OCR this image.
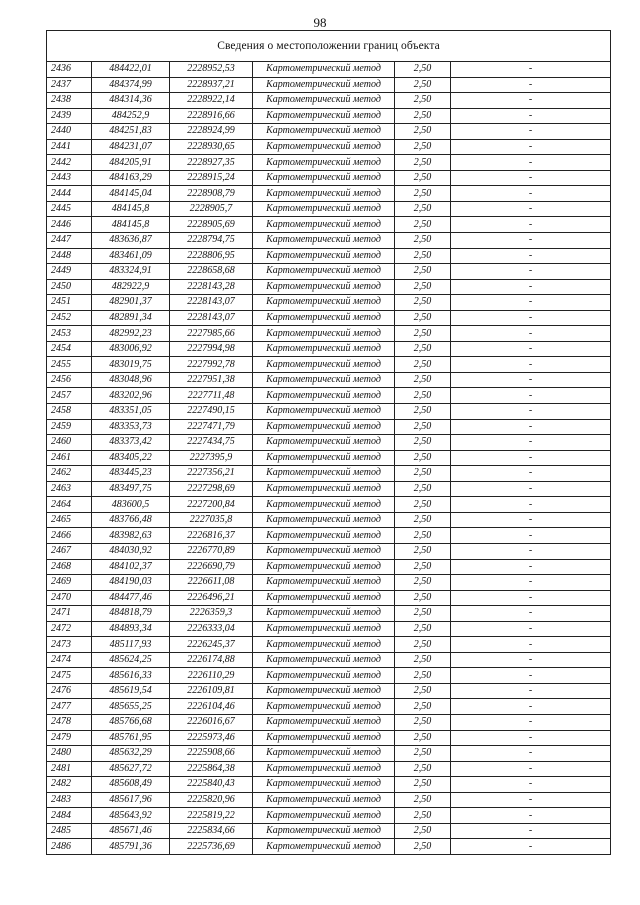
98
Сведения о местоположении границ объекта					
2436	484422,01	2228952,53	Картометрический метод	2,50	-
2437	484374,99	2228937,21	Картометрический метод	2,50	-
2438	484314,36	2228922,14	Картометрический метод	2,50	-
2439	484252,9	2228916,66	Картометрический метод	2,50	-
2440	484251,83	2228924,99	Картометрический метод	2,50	-
2441	484231,07	2228930,65	Картометрический метод	2,50	-
2442	484205,91	2228927,35	Картометрический метод	2,50	-
2443	484163,29	2228915,24	Картометрический метод	2,50	-
2444	484145,04	2228908,79	Картометрический метод	2,50	-
2445	484145,8	2228905,7	Картометрический метод	2,50	-
2446	484145,8	2228905,69	Картометрический метод	2,50	-
2447	483636,87	2228794,75	Картометрический метод	2,50	-
2448	483461,09	2228806,95	Картометрический метод	2,50	-
2449	483324,91	2228658,68	Картометрический метод	2,50	-
2450	482922,9	2228143,28	Картометрический метод	2,50	-
2451	482901,37	2228143,07	Картометрический метод	2,50	-
2452	482891,34	2228143,07	Картометрический метод	2,50	-
2453	482992,23	2227985,66	Картометрический метод	2,50	-
2454	483006,92	2227994,98	Картометрический метод	2,50	-
2455	483019,75	2227992,78	Картометрический метод	2,50	-
2456	483048,96	2227951,38	Картометрический метод	2,50	-
2457	483202,96	2227711,48	Картометрический метод	2,50	-
2458	483351,05	2227490,15	Картометрический метод	2,50	-
2459	483353,73	2227471,79	Картометрический метод	2,50	-
2460	483373,42	2227434,75	Картометрический метод	2,50	-
2461	483405,22	2227395,9	Картометрический метод	2,50	-
2462	483445,23	2227356,21	Картометрический метод	2,50	-
2463	483497,75	2227298,69	Картометрический метод	2,50	-
2464	483600,5	2227200,84	Картометрический метод	2,50	-
2465	483766,48	2227035,8	Картометрический метод	2,50	-
2466	483982,63	2226816,37	Картометрический метод	2,50	-
2467	484030,92	2226770,89	Картометрический метод	2,50	-
2468	484102,37	2226690,79	Картометрический метод	2,50	-
2469	484190,03	2226611,08	Картометрический метод	2,50	-
2470	484477,46	2226496,21	Картометрический метод	2,50	-
2471	484818,79	2226359,3	Картометрический метод	2,50	-
2472	484893,34	2226333,04	Картометрический метод	2,50	-
2473	485117,93	2226245,37	Картометрический метод	2,50	-
2474	485624,25	2226174,88	Картометрический метод	2,50	-
2475	485616,33	2226110,29	Картометрический метод	2,50	-
2476	485619,54	2226109,81	Картометрический метод	2,50	-
2477	485655,25	2226104,46	Картометрический метод	2,50	-
2478	485766,68	2226016,67	Картометрический метод	2,50	-
2479	485761,95	2225973,46	Картометрический метод	2,50	-
2480	485632,29	2225908,66	Картометрический метод	2,50	-
2481	485627,72	2225864,38	Картометрический метод	2,50	-
2482	485608,49	2225840,43	Картометрический метод	2,50	-
2483	485617,96	2225820,96	Картометрический метод	2,50	-
2484	485643,92	2225819,22	Картометрический метод	2,50	-
2485	485671,46	2225834,66	Картометрический метод	2,50	-
2486	485791,36	2225736,69	Картометрический метод	2,50	-
